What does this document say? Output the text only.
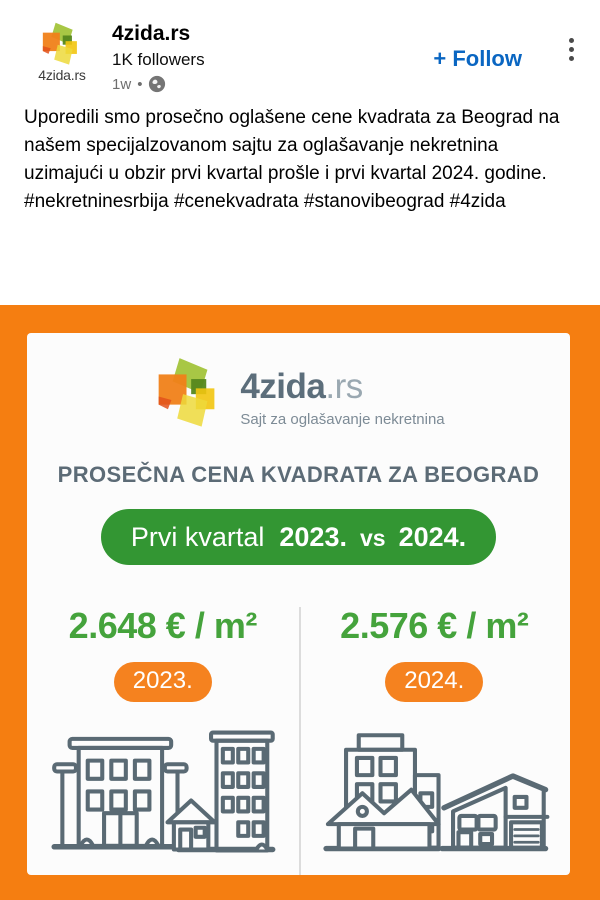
4zida.rs
4zida.rs
1K followers
1w •
+ Follow

Uporedili smo prosečno oglašene cene kvadrata za Beograd na našem specijalzovanom sajtu za oglašavanje nekretnina uzimajući u obzir prvi kvartal prošle i prvi kvartal 2024. godine.

#nekretninesrbija #cenekvadrata #stanovibeograd #4zida

4zida.rs
Sajt za oglašavanje nekretnina
PROSEČNA CENA KVADRATA ZA BEOGRAD
Prvi kvartal 2023. vs 2024.
2.648 € / m²
2023.
2.576 € / m²
2024.
